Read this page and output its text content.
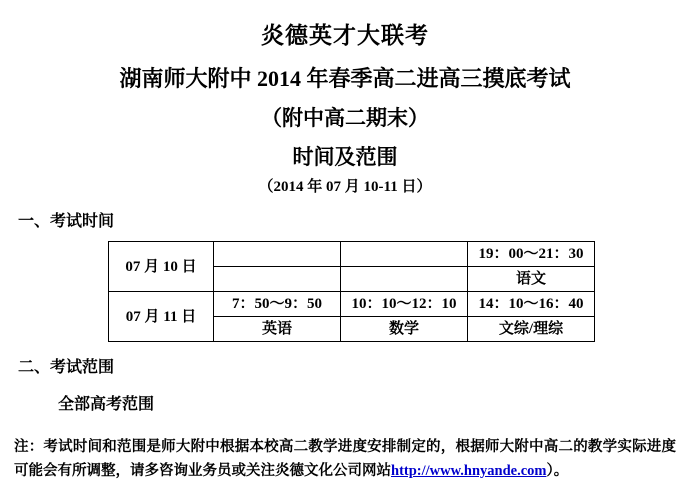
炎德英才大联考
湖南师大附中 2014 年春季高二进高三摸底考试
（附中高二期末）
时间及范围
（2014 年 07 月 10-11 日）
一、考试时间
07 月 10 日			19：00～21：30
			语文
07 月 11 日	7：50～9：50	10：10～12：10	14：10～16：40
	英语	数学	文综/理综
二、考试范围
全部高考范围
注：考试时间和范围是师大附中根据本校高二教学进度安排制定的，根据师大附中高二的教学实际进度可能会有所调整，请多咨询业务员或关注炎德文化公司网站http://www.hnyande.com）。
